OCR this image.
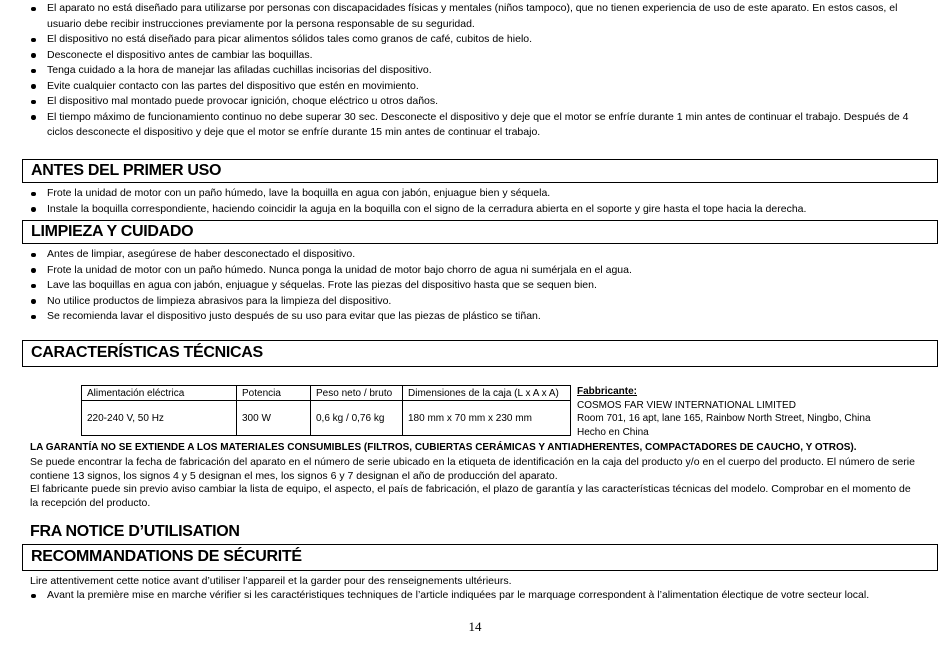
El aparato no está diseñado para utilizarse por personas con discapacidades físicas y mentales (niños tampoco), que no tienen experiencia de uso de este aparato. En estos casos, el usuario debe recibir instrucciones previamente por la persona responsable de su seguridad.
El dispositivo no está diseñado para picar alimentos sólidos tales como granos de café, cubitos de hielo.
Desconecte el dispositivo antes de cambiar las boquillas.
Tenga cuidado a la hora de manejar las afiladas cuchillas incisorias del dispositivo.
Evite cualquier contacto con las partes del dispositivo que estén en movimiento.
El dispositivo mal montado puede provocar ignición, choque eléctrico u otros daños.
El tiempo máximo de funcionamiento continuo no debe superar 30 sec. Desconecte el dispositivo y deje que el motor se enfríe durante 1 min antes de continuar el trabajo. Después de 4 ciclos desconecte el dispositivo y deje que el motor se enfríe durante 15 min antes de continuar el trabajo.
ANTES DEL PRIMER USO
Frote la unidad de motor con un paño húmedo, lave la boquilla en agua con jabón, enjuague bien y séquela.
Instale la boquilla correspondiente, haciendo coincidir la aguja en la boquilla con el signo de la cerradura abierta en el soporte y gire hasta el tope hacia la derecha.
LIMPIEZA Y CUIDADO
Antes de limpiar, asegúrese de haber desconectado el dispositivo.
Frote la unidad de motor con un paño húmedo. Nunca ponga la unidad de motor bajo chorro de agua ni sumérjala en el agua.
Lave las boquillas en agua con jabón, enjuague y séquelas. Frote las piezas del dispositivo hasta que se sequen bien.
No utilice productos de limpieza abrasivos para la limpieza del dispositivo.
Se recomienda lavar el dispositivo justo después de su uso para evitar que las piezas de plástico se tiñan.
CARACTERÍSTICAS TÉCNICAS
Alimentación eléctrica	Potencia	Peso neto / bruto	Dimensiones de la caja (L x A x A)
220-240 V, 50 Hz	300 W	0,6 kg / 0,76 kg	180 mm x 70 mm x 230 mm
Fabbricante:
COSMOS FAR VIEW INTERNATIONAL LIMITED
Room 701, 16 apt, lane 165, Rainbow North Street, Ningbo, China
Hecho en China
LA GARANTÍA NO SE EXTIENDE A LOS MATERIALES CONSUMIBLES (FILTROS, CUBIERTAS CERÁMICAS Y ANTIADHERENTES, COMPACTADORES DE CAUCHO, Y OTROS).
Se puede encontrar la fecha de fabricación del aparato en el número de serie ubicado en la etiqueta de identificación en la caja del producto y/o en el cuerpo del producto. El número de serie contiene 13 signos, los signos 4 y 5 designan el mes, los signos 6 y 7 designan el año de producción del aparato.
El fabricante puede sin previo aviso cambiar la lista de equipo, el aspecto, el país de fabricación, el plazo de garantía y las características técnicas del modelo. Comprobar en el momento de la recepción del producto.
FRA NOTICE D’UTILISATION
RECOMMANDATIONS DE SÉCURITÉ
Lire attentivement cette notice avant d’utiliser l’appareil et la garder pour des renseignements ultérieurs.
Avant la première mise en marche vérifier si les caractéristiques techniques de l’article indiquées par le marquage correspondent à l’alimentation électique de votre secteur local.
14
